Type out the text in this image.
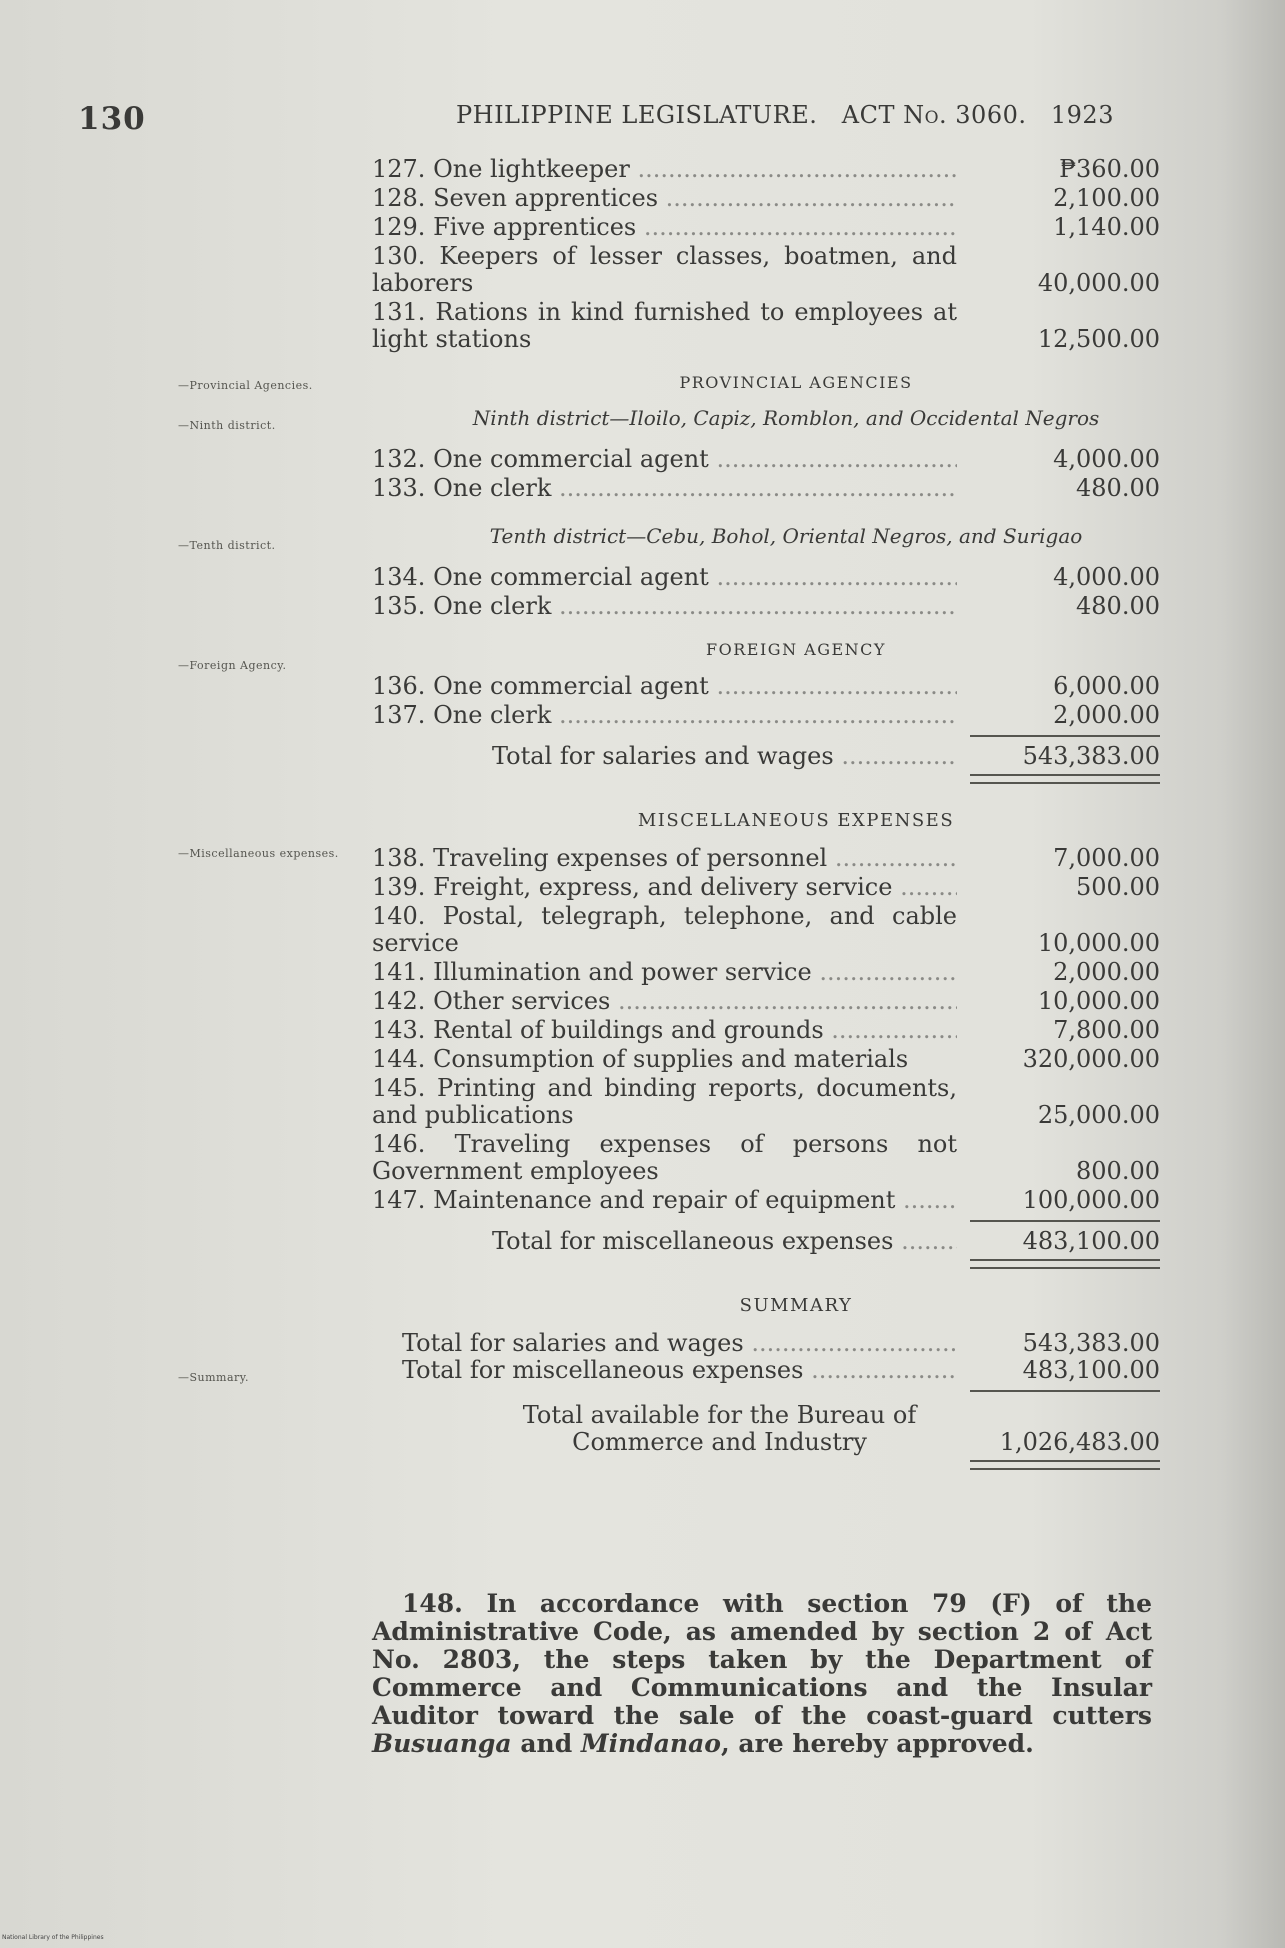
130	PHILIPPINE LEGISLATURE. ACT No. 3060. 1923
—Provincial Agencies.
—Ninth district.
—Tenth district.
—Foreign Agency.
—Miscellaneous expenses.
—Summary.
127. One lightkeeper .....	₱360.00
128. Seven apprentices .....	2,100.00
129. Five apprentices .....	1,140.00
130. Keepers of lesser classes, boatmen, and laborers	40,000.00
131. Rations in kind furnished to employees at light stations	12,500.00
PROVINCIAL AGENCIES
Ninth district—Iloilo, Capiz, Romblon, and Occidental Negros
132. One commercial agent .....	4,000.00
133. One clerk .....	480.00
Tenth district—Cebu, Bohol, Oriental Negros, and Surigao
134. One commercial agent .....	4,000.00
135. One clerk .....	480.00
FOREIGN AGENCY
136. One commercial agent .....	6,000.00
137. One clerk .....	2,000.00
Total for salaries and wages .....	543,383.00
MISCELLANEOUS EXPENSES
138. Traveling expenses of personnel .....	7,000.00
139. Freight, express, and delivery service .....	500.00
140. Postal, telegraph, telephone, and cable service	10,000.00
141. Illumination and power service .....	2,000.00
142. Other services .....	10,000.00
143. Rental of buildings and grounds .....	7,800.00
144. Consumption of supplies and materials	320,000.00
145. Printing and binding reports, documents, and publications	25,000.00
146. Traveling expenses of persons not Government employees	800.00
147. Maintenance and repair of equipment .....	100,000.00
Total for miscellaneous expenses .....	483,100.00
SUMMARY
Total for salaries and wages .....	543,383.00
Total for miscellaneous expenses .....	483,100.00
Total available for the Bureau of Commerce and Industry	1,026,483.00
148. In accordance with section 79 (F) of the Administrative Code, as amended by section 2 of Act No. 2803, the steps taken by the Department of Commerce and Communications and the Insular Auditor toward the sale of the coast-guard cutters Busuanga and Mindanao, are hereby approved.
National Library of the Philippines
